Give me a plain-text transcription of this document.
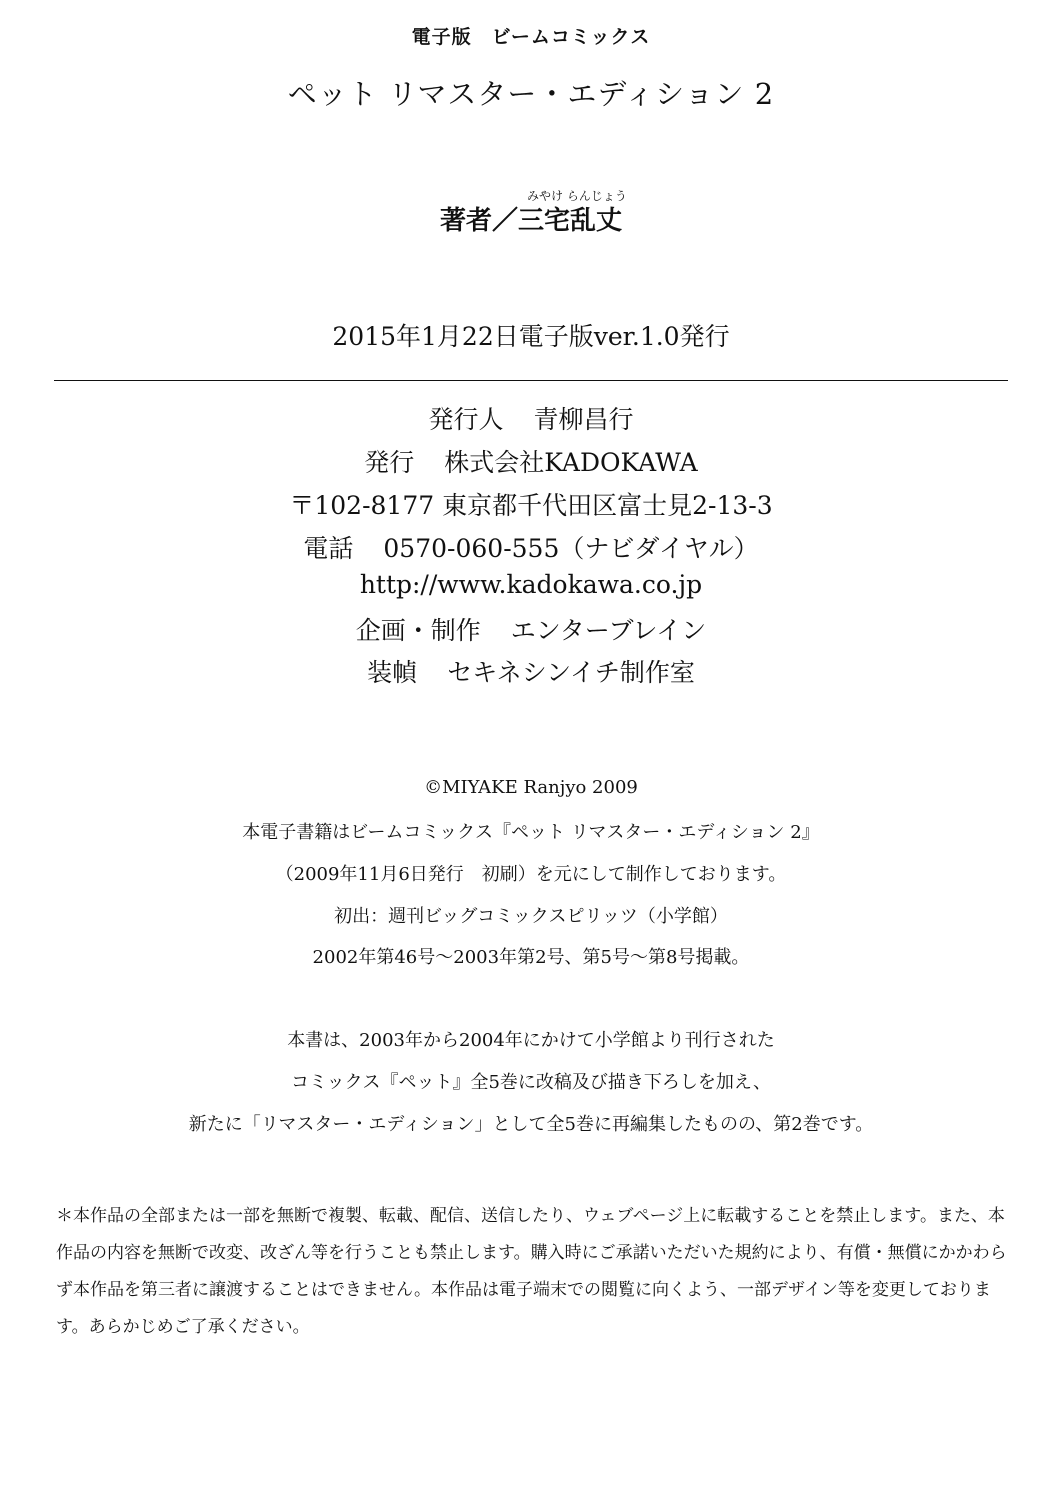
電子版　ビームコミックス
ペット リマスター・エディション 2
みやけ らんじょう
著者／三宅乱丈
2015年1月22日電子版ver.1.0発行
発行人 青柳昌行
発行 株式会社KADOKAWA
〒102-8177 東京都千代田区富士見2-13-3
電話 0570-060-555（ナビダイヤル）
http://www.kadokawa.co.jp
企画・制作 エンターブレイン
装幀 セキネシンイチ制作室
©MIYAKE Ranjyo 2009
本電子書籍はビームコミックス『ペット リマスター・エディション 2』
（2009年11月6日発行　初刷）を元にして制作しております。
初出：週刊ビッグコミックスピリッツ（小学館）
2002年第46号〜2003年第2号、第5号〜第8号掲載。
本書は、2003年から2004年にかけて小学館より刊行された
コミックス『ペット』全5巻に改稿及び描き下ろしを加え、
新たに「リマスター・エディション」として全5巻に再編集したものの、第2巻です。
＊本作品の全部または一部を無断で複製、転載、配信、送信したり、ウェブページ上に転載することを禁止します。また、本作品の内容を無断で改変、改ざん等を行うことも禁止します。購入時にご承諾いただいた規約により、有償・無償にかかわらず本作品を第三者に譲渡することはできません。本作品は電子端末での閲覧に向くよう、一部デザイン等を変更しております。あらかじめご了承ください。
